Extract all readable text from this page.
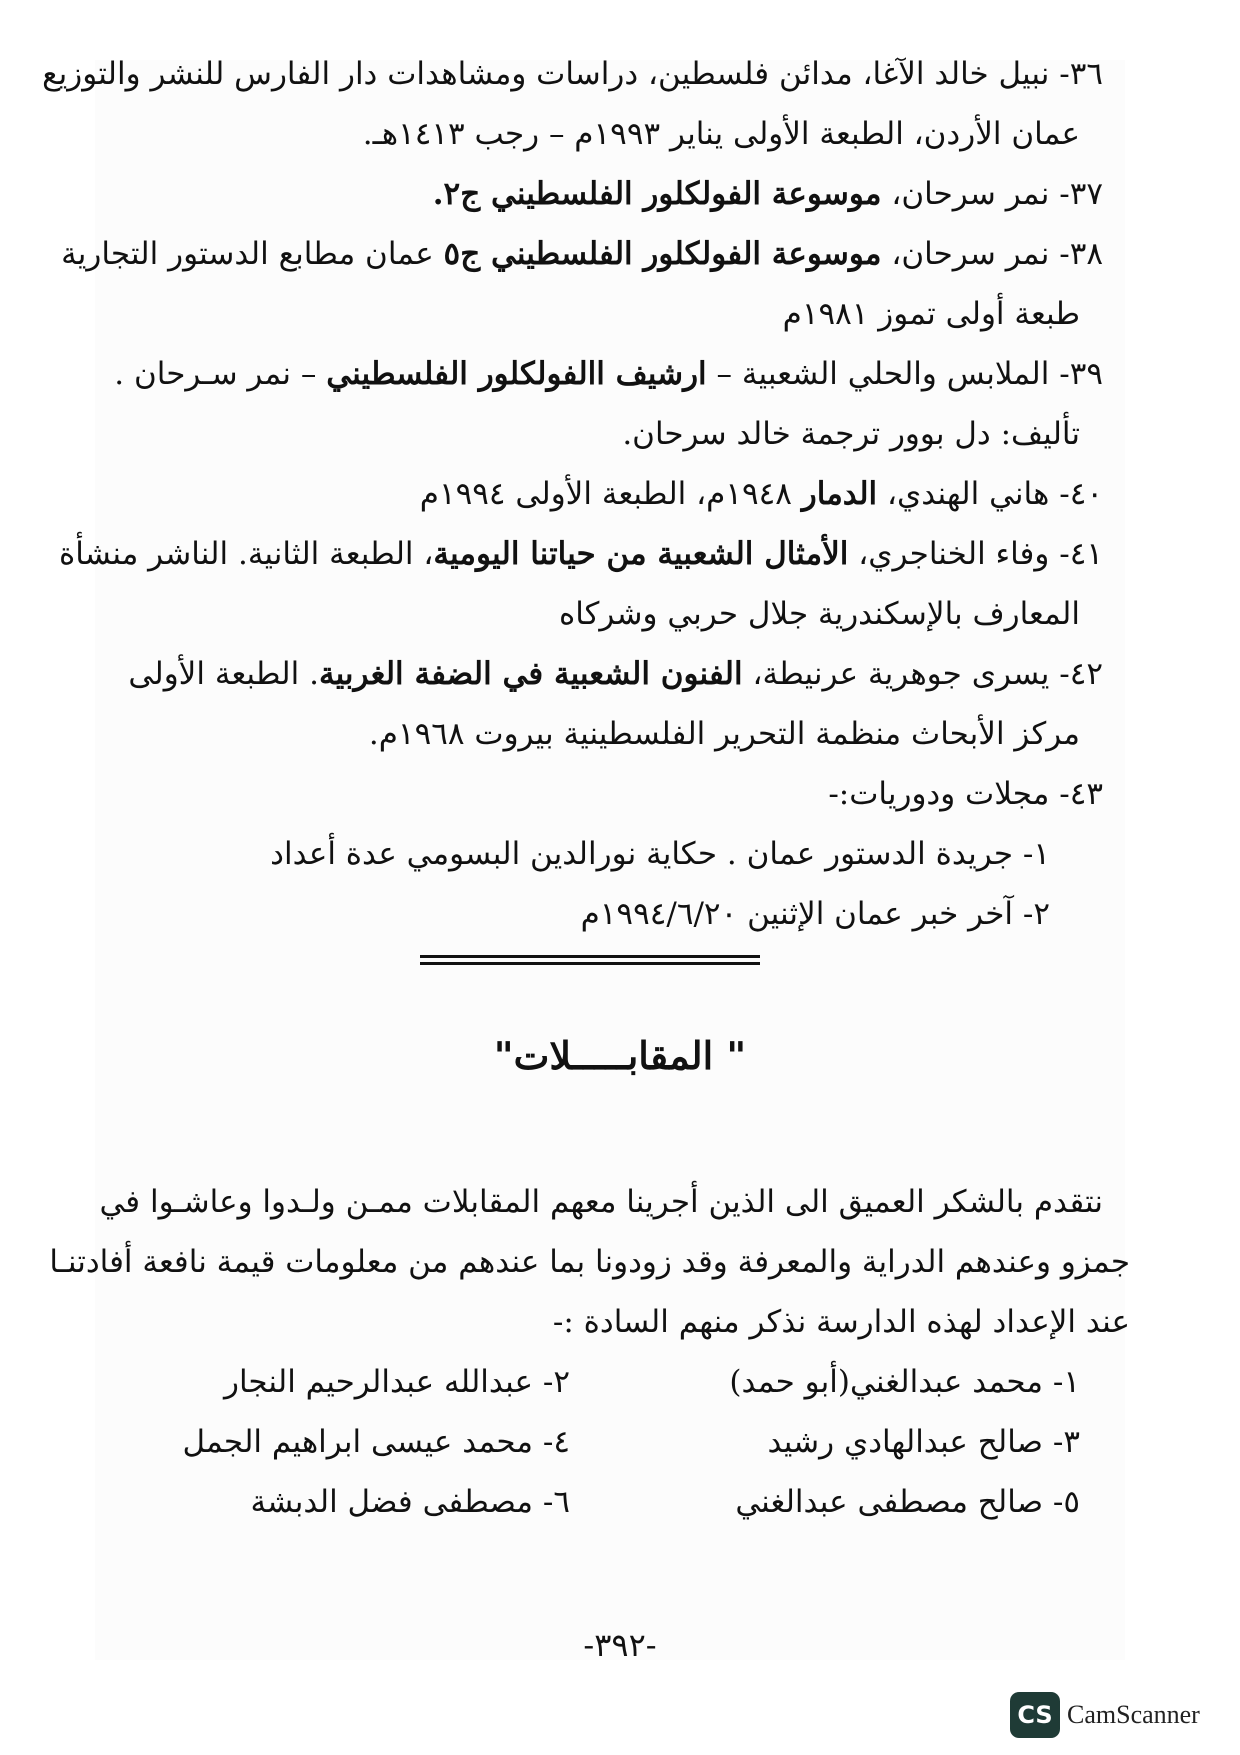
٣٦- نبيل خالد الآغا، مدائن فلسطين، دراسات ومشاهدات دار الفارس للنشر والتوزيع
عمان الأردن، الطبعة الأولى يناير ١٩٩٣م – رجب ١٤١٣هـ.
٣٧- نمر سرحان، موسوعة الفولكلور الفلسطيني ج٢.
٣٨- نمر سرحان، موسوعة الفولكلور الفلسطيني ج٥ عمان مطابع الدستور التجارية
طبعة أولى تموز ١٩٨١م
٣٩- الملابس والحلي الشعبية – ارشيف االفولكلور الفلسطيني – نمر سـرحان .
تأليف: دل بوور ترجمة خالد سرحان.
٤٠- هاني الهندي، الدمار ١٩٤٨م، الطبعة الأولى ١٩٩٤م
٤١- وفاء الخناجري، الأمثال الشعبية من حياتنا اليومية، الطبعة الثانية. الناشر منشأة
المعارف بالإسكندرية جلال حربي وشركاه
٤٢- يسرى جوهرية عرنيطة، الفنون الشعبية في الضفة الغربية. الطبعة الأولى
مركز الأبحاث منظمة التحرير الفلسطينية بيروت ١٩٦٨م.
٤٣- مجلات ودوريات:-
١- جريدة الدستور عمان . حكاية نورالدين البسومي عدة أعداد
٢- آخر خبر عمان الإثنين ١٩٩٤/٦/٢٠م
" المقابـــــلات"
نتقدم بالشكر العميق الى الذين أجرينا معهم المقابلات ممـن ولـدوا وعاشـوا في
جمزو وعندهم الدراية والمعرفة وقد زودونا بما عندهم من معلومات قيمة نافعة أفادتنـا
عند الإعداد لهذه الدارسة نذكر منهم السادة :-
١- محمد عبدالغني(أبو حمد)
٢- عبدالله عبدالرحيم النجار
٣- صالح عبدالهادي رشيد
٤- محمد عيسى ابراهيم الجمل
٥- صالح مصطفى عبدالغني
٦- مصطفى فضل الدبشة
-٣٩٢-
CS CamScanner
